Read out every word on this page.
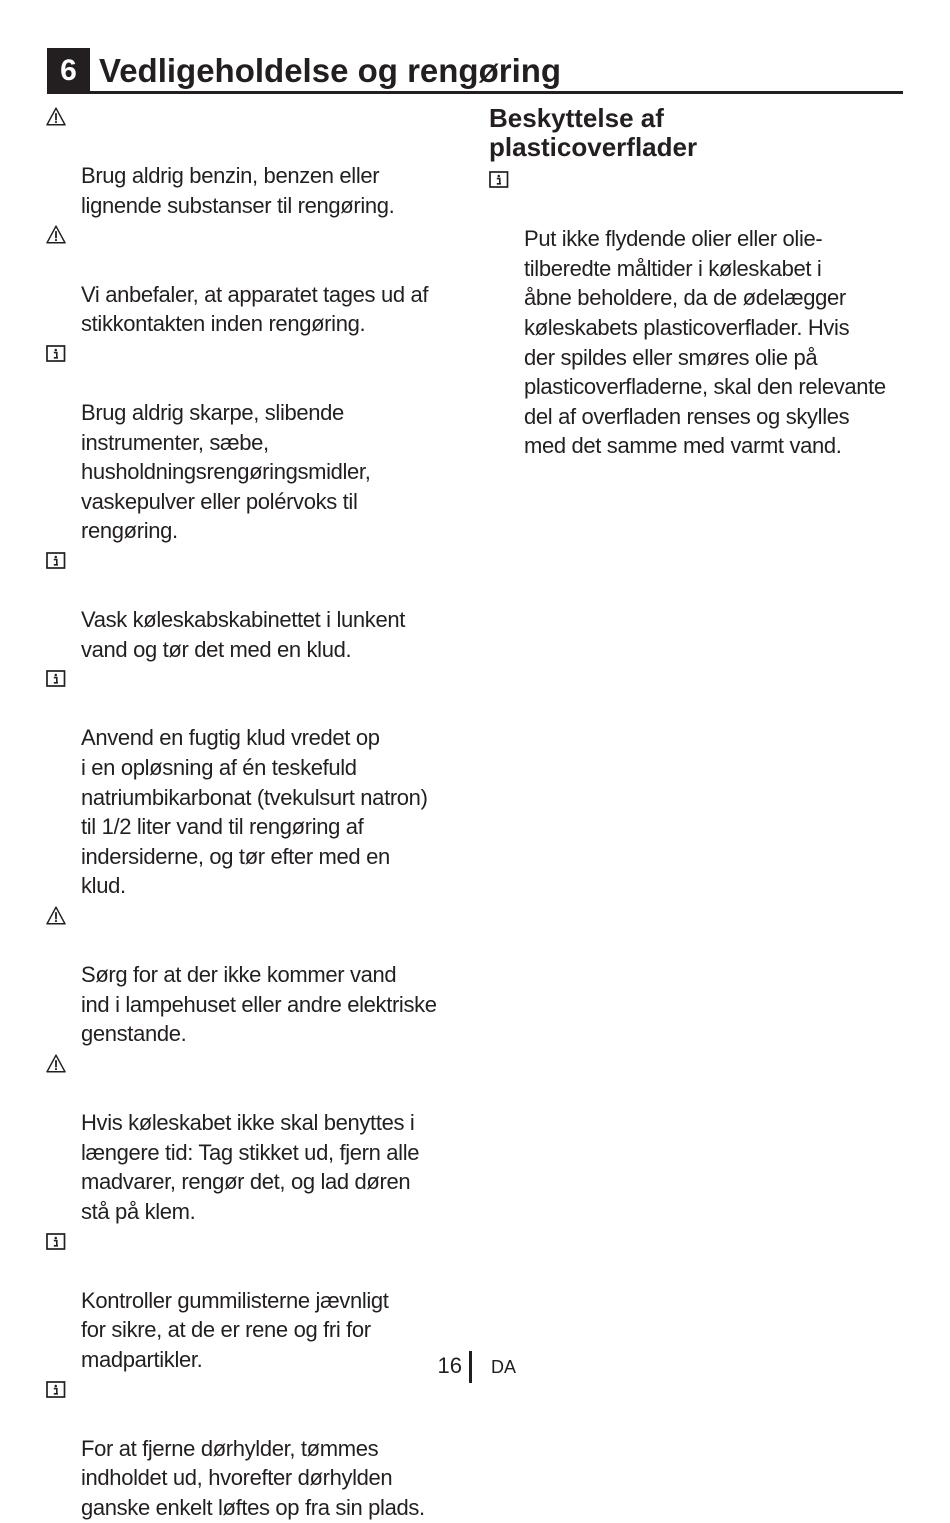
6 Vedligeholdelse og rengøring

Brug aldrig benzin, benzen eller
lignende substanser til rengøring.

Vi anbefaler, at apparatet tages ud af
stikkontakten inden rengøring.

Brug aldrig skarpe, slibende
instrumenter, sæbe,
husholdningsrengøringsmidler,
vaskepulver eller polérvoks til
rengøring.

Vask køleskabskabinettet i lunkent
vand og tør det med en klud.

Anvend en fugtig klud vredet op
i en opløsning af én teskefuld
natriumbikarbonat (tvekulsurt natron)
til 1/2 liter vand til rengøring af
indersiderne, og tør efter med en
klud.

Sørg for at der ikke kommer vand
ind i lampehuset eller andre elektriske
genstande.

Hvis køleskabet ikke skal benyttes i
længere tid: Tag stikket ud, fjern alle
madvarer, rengør det, og lad døren
stå på klem.

Kontroller gummilisterne jævnligt
for sikre, at de er rene og fri for
madpartikler.

For at fjerne dørhylder, tømmes
indholdet ud, hvorefter dørhylden
ganske enkelt løftes op fra sin plads.

Beskyttelse af
plasticoverflader

Put ikke flydende olier eller olie-
tilberedte måltider i køleskabet i
åbne beholdere, da de ødelægger
køleskabets plasticoverflader. Hvis
der spildes eller smøres olie på
plasticoverfladerne, skal den relevante
del af overfladen renses og skylles
med det samme med varmt vand.

16 DA
